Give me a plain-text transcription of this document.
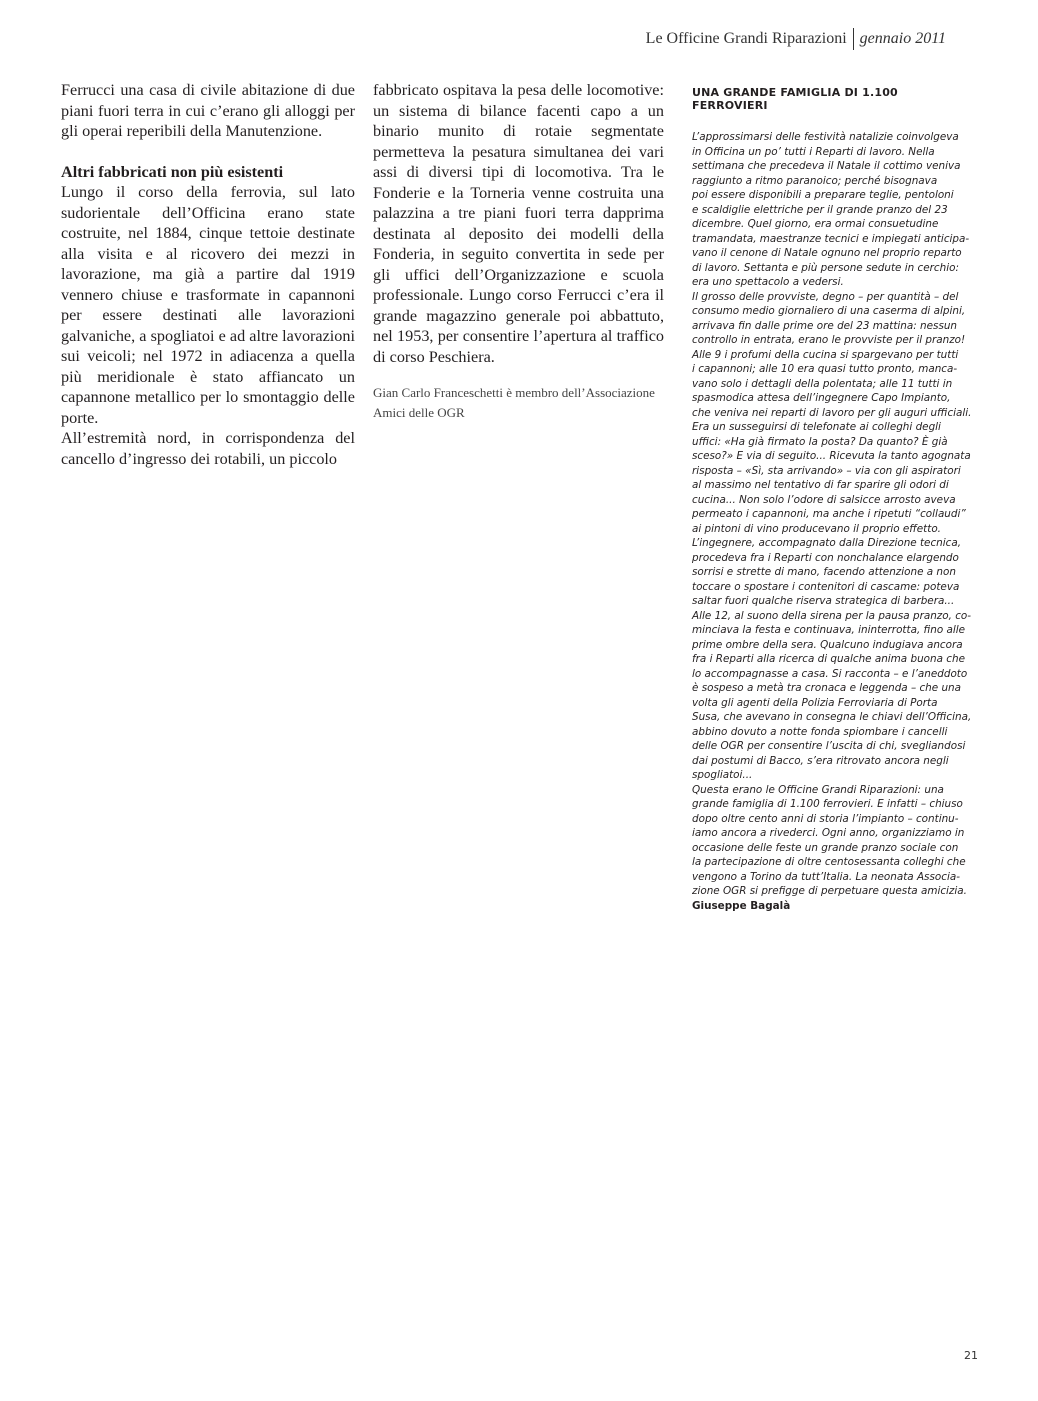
Le Officine Grandi Riparazioni gennaio 2011

Ferrucci una casa di civile abitazione di due piani fuori terra in cui c’erano gli alloggi per gli operai reperibili della Manutenzione.

Altri fabbricati non più esistenti

Lungo il corso della ferrovia, sul lato sudorientale dell’Officina erano state costruite, nel 1884, cinque tettoie destinate alla visita e al ricovero dei mezzi in lavorazione, ma già a partire dal 1919 vennero chiuse e trasformate in capannoni per essere destinati alle lavorazioni galvaniche, a spogliatoi e ad altre lavorazioni sui veicoli; nel 1972 in adiacenza a quella più meridionale è stato affiancato un capannone metallico per lo smontaggio delle porte.

All’estremità nord, in corrispondenza del cancello d’ingresso dei rotabili, un piccolo

fabbricato ospitava la pesa delle locomotive: un sistema di bilance facenti capo a un binario munito di rotaie segmentate permetteva la pesatura simultanea dei vari assi di diversi tipi di locomotiva. Tra le Fonderie e la Torneria venne costruita una palazzina a tre piani fuori terra dapprima destinata al deposito dei modelli della Fonderia, in seguito convertita in sede per gli uffici dell’Organizzazione e scuola professionale. Lungo corso Ferrucci c’era il grande magazzino generale poi abbattuto, nel 1953, per consentire l’apertura al traffico di corso Peschiera.

Gian Carlo Franceschetti è membro dell’Associazione Amici delle OGR

UNA GRANDE FAMIGLIA DI 1.100 FERROVIERI

L’approssimarsi delle festività natalizie coinvolgeva
in Officina un po’ tutti i Reparti di lavoro. Nella
settimana che precedeva il Natale il cottimo veniva
raggiunto a ritmo paranoico; perché bisognava
poi essere disponibili a preparare teglie, pentoloni
e scaldiglie elettriche per il grande pranzo del 23
dicembre. Quel giorno, era ormai consuetudine
tramandata, maestranze tecnici e impiegati anticipa-
vano il cenone di Natale ognuno nel proprio reparto
di lavoro. Settanta e più persone sedute in cerchio:
era uno spettacolo a vedersi.
Il grosso delle provviste, degno – per quantità – del
consumo medio giornaliero di una caserma di alpini,
arrivava fin dalle prime ore del 23 mattina: nessun
controllo in entrata, erano le provviste per il pranzo!
Alle 9 i profumi della cucina si spargevano per tutti
i capannoni; alle 10 era quasi tutto pronto, manca-
vano solo i dettagli della polentata; alle 11 tutti in
spasmodica attesa dell’ingegnere Capo Impianto,
che veniva nei reparti di lavoro per gli auguri ufficiali.
Era un susseguirsi di telefonate ai colleghi degli
uffici: «Ha già firmato la posta? Da quanto? È già
sceso?» E via di seguito... Ricevuta la tanto agognata
risposta – «Sì, sta arrivando» – via con gli aspiratori
al massimo nel tentativo di far sparire gli odori di
cucina... Non solo l’odore di salsicce arrosto aveva
permeato i capannoni, ma anche i ripetuti “collaudi”
ai pintoni di vino producevano il proprio effetto.
L’ingegnere, accompagnato dalla Direzione tecnica,
procedeva fra i Reparti con nonchalance elargendo
sorrisi e strette di mano, facendo attenzione a non
toccare o spostare i contenitori di cascame: poteva
saltar fuori qualche riserva strategica di barbera...
Alle 12, al suono della sirena per la pausa pranzo, co-
minciava la festa e continuava, ininterrotta, fino alle
prime ombre della sera. Qualcuno indugiava ancora
fra i Reparti alla ricerca di qualche anima buona che
lo accompagnasse a casa. Si racconta – e l’aneddoto
è sospeso a metà tra cronaca e leggenda – che una
volta gli agenti della Polizia Ferroviaria di Porta
Susa, che avevano in consegna le chiavi dell’Officina,
abbino dovuto a notte fonda spiombare i cancelli
delle OGR per consentire l’uscita di chi, svegliandosi
dai postumi di Bacco, s’era ritrovato ancora negli
spogliatoi...
Questa erano le Officine Grandi Riparazioni: una
grande famiglia di 1.100 ferrovieri. E infatti – chiuso
dopo oltre cento anni di storia l’impianto – continu-
iamo ancora a rivederci. Ogni anno, organizziamo in
occasione delle feste un grande pranzo sociale con
la partecipazione di oltre centosessanta colleghi che
vengono a Torino da tutt’Italia. La neonata Associa-
zione OGR si prefigge di perpetuare questa amicizia.

Giuseppe Bagalà

21
